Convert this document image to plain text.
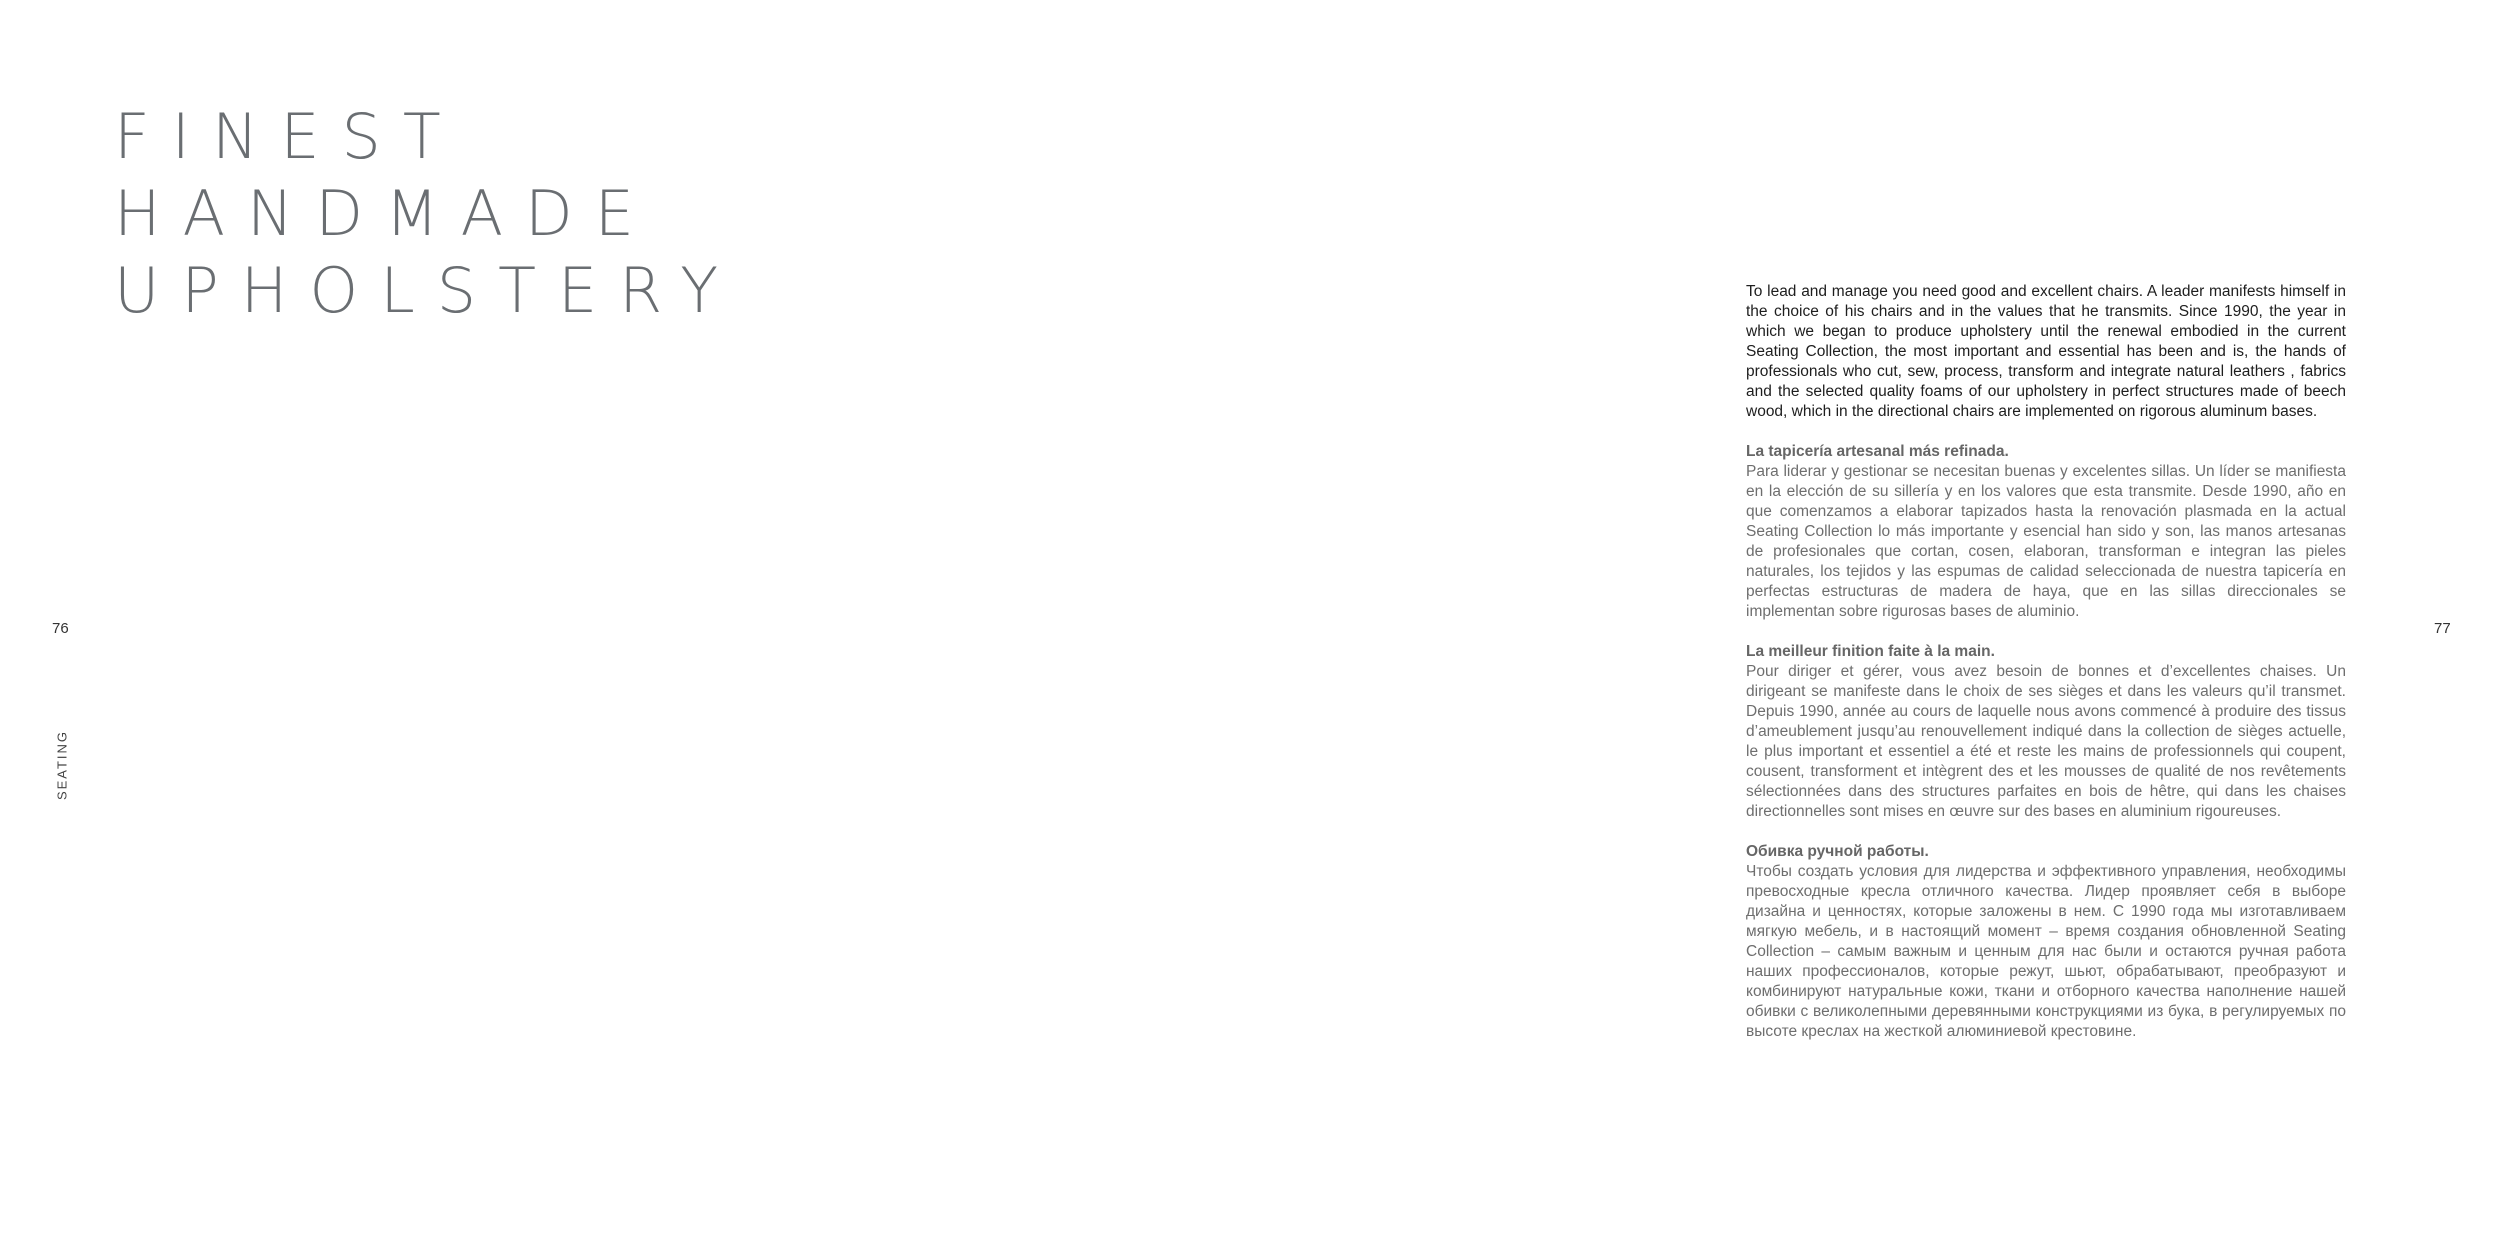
FINEST
HANDMADE
UPHOLSTERY
76	77
SEATING

To lead and manage you need good and excellent chairs. A leader manifests himself in the choice of his chairs and in the values that he transmits. Since 1990, the year in which we began to produce upholstery until the renewal embodied in the current Seating Collection, the most important and essential has been and is, the hands of professionals who cut, sew, process, transform and integrate natural leathers , fabrics and the selected quality foams of our upholstery in perfect structures made of beech wood, which in the directional chairs are implemented on rigorous aluminum bases.

La tapicería artesanal más refinada.
Para liderar y gestionar se necesitan buenas y excelentes sillas. Un líder se manifiesta en la elección de su sillería y en los valores que esta transmite. Desde 1990, año en que comenzamos a elaborar tapizados hasta la renovación plasmada en la actual Seating Collection lo más importante y esencial han sido y son, las manos artesanas de profesionales que cortan, cosen, elaboran, transforman e integran las pieles naturales, los tejidos y las espumas de calidad seleccionada de nuestra tapicería en perfectas estructuras de madera de haya, que en las sillas direccionales se implementan sobre rigurosas bases de aluminio.

La meilleur finition faite à la main.
Pour diriger et gérer, vous avez besoin de bonnes et d’excellentes chaises. Un dirigeant se manifeste dans le choix de ses sièges et dans les valeurs qu’il transmet. Depuis 1990, année au cours de laquelle nous avons commencé à produire des tissus d’ameublement jusqu’au renouvellement indiqué dans la collection de sièges actuelle, le plus important et essentiel a été et reste les mains de professionnels qui coupent, cousent, transforment et intègrent des et les mousses de qualité de nos revêtements sélectionnées dans des structures parfaites en bois de hêtre, qui dans les chaises directionnelles sont mises en œuvre sur des bases en aluminium rigoureuses.

Обивка ручной работы.
Чтобы создать условия для лидерства и эффективного управления, необходимы превосходные кресла отличного качества. Лидер проявляет себя в выборе дизайна и ценностях, которые заложены в нем. С 1990 года мы изготавливаем мягкую мебель, и в настоящий момент – время создания обновленной Seating Collection – самым важным и ценным для нас были и остаются ручная работа наших профессионалов, которые режут, шьют, обрабатывают, преобразуют и комбинируют натуральные кожи, ткани и отборного качества наполнение нашей обивки с великолепными деревянными конструкциями из бука, в регулируемых по высоте креслах на жесткой алюминиевой крестовине.
